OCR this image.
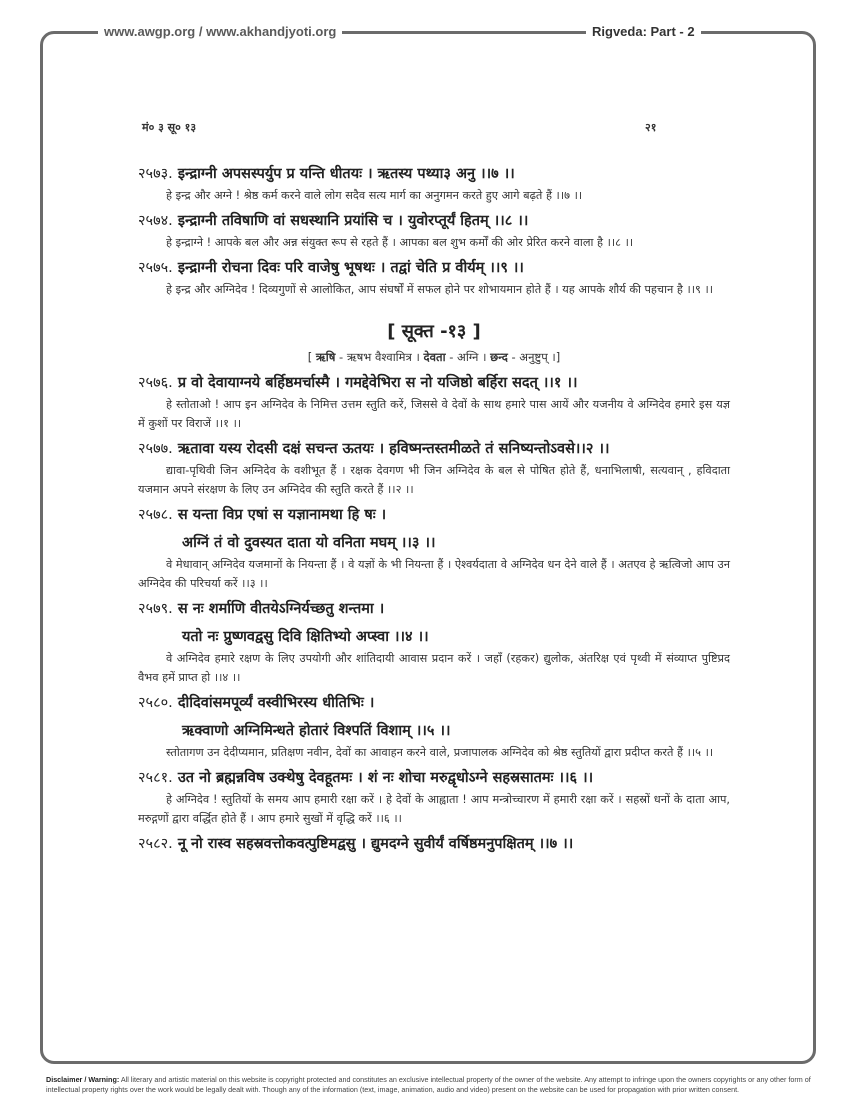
www.awgp.org / www.akhandjyoti.org	Rigveda: Part - 2
मं० ३ सू० १३	२१
२५७३. इन्द्राग्नी अपसस्पर्युप प्र यन्ति धीतयः । ऋतस्य पथ्या३ अनु ।।७ ।।
हे इन्द्र और अग्ने ! श्रेष्ठ कर्म करने वाले लोग सदैव सत्य मार्ग का अनुगमन करते हुए आगे बढ़ते हैं ।।७ ।।
२५७४. इन्द्राग्नी तविषाणि वां सधस्थानि प्रयांसि च । युवोरप्तूर्यं हितम् ।।८ ।।
हे इन्द्राग्ने ! आपके बल और अन्न संयुक्त रूप से रहते हैं । आपका बल शुभ कर्मों की ओर प्रेरित करने वाला है ।।८ ।।
२५७५. इन्द्राग्नी रोचना दिवः परि वाजेषु भूषथः । तद्वां चेति प्र वीर्यम् ।।९ ।।
हे इन्द्र और अग्निदेव ! दिव्यगुणों से आलोकित, आप संघर्षों में सफल होने पर शोभायमान होते हैं । यह आपके शौर्य की पहचान है ।।९ ।।
[ सूक्त -१३ ]
[ ऋषि - ऋषभ वैश्वामित्र । देवता - अग्नि । छन्द - अनुष्टुप् ।]
२५७६. प्र वो देवायाग्नये बर्हिष्ठमर्चास्मै । गमद्देवेभिरा स नो यजिष्ठो बर्हिरा सदत् ।।१ ।।
हे स्तोताओ ! आप इन अग्निदेव के निमित्त उत्तम स्तुति करें, जिससे वे देवों के साथ हमारे पास आयें और यजनीय वे अग्निदेव हमारे इस यज्ञ में कुशों पर विराजें ।।१ ।।
२५७७. ऋतावा यस्य रोदसी दक्षं सचन्त ऊतयः । हविष्मन्तस्तमीळते तं सनिष्यन्तोऽवसे।।२ ।।
द्यावा-पृथिवी जिन अग्निदेव के वशीभूत हैं । रक्षक देवगण भी जिन अग्निदेव के बल से पोषित होते हैं, धनाभिलाषी, सत्यवान् , हविदाता यजमान अपने संरक्षण के लिए उन अग्निदेव की स्तुति करते हैं ।।२ ।।
२५७८. स यन्ता विप्र एषां स यज्ञानामथा हि षः ।
अग्निं तं वो दुवस्यत दाता यो वनिता मघम् ।।३ ।।
वे मेधावान् अग्निदेव यजमानों के नियन्ता हैं । वे यज्ञों के भी नियन्ता हैं । ऐश्वर्यदाता वे अग्निदेव धन देने वाले हैं । अतएव हे ऋत्विजो आप उन अग्निदेव की परिचर्या करें ।।३ ।।
२५७९. स नः शर्माणि वीतयेऽग्निर्यच्छतु शन्तमा ।
यतो नः प्रुष्णवद्वसु दिवि क्षितिभ्यो अप्स्वा ।।४ ।।
वे अग्निदेव हमारे रक्षण के लिए उपयोगी और शांतिदायी आवास प्रदान करें । जहाँ (रहकर) द्युलोक, अंतरिक्ष एवं पृथ्वी में संव्याप्त पुष्टिप्रद वैभव हमें प्राप्त हो ।।४ ।।
२५८०. दीदिवांसमपूर्व्यं वस्वीभिरस्य धीतिभिः ।
ऋक्वाणो अग्निमिन्धते होतारं विश्पतिं विशाम् ।।५ ।।
स्तोतागण उन देदीप्यमान, प्रतिक्षण नवीन, देवों का आवाहन करने वाले, प्रजापालक अग्निदेव को श्रेष्ठ स्तुतियों द्वारा प्रदीप्त करते हैं ।।५ ।।
२५८१. उत नो ब्रह्मन्नविष उक्थेषु देवहूतमः । शं नः शोचा मरुद्वृधोऽग्ने सहस्रसातमः ।।६ ।।
हे अग्निदेव ! स्तुतियों के समय आप हमारी रक्षा करें । हे देवों के आह्वाता ! आप मन्त्रोच्चारण में हमारी रक्षा करें । सहस्रों धनों के दाता आप, मरुद्गणों द्वारा वर्द्धित होते हैं । आप हमारे सुखों में वृद्धि करें ।।६ ।।
२५८२. नू नो रास्व सहस्रवत्तोकवत्पुष्टिमद्वसु । द्युमदग्ने सुवीर्यं वर्षिष्ठमनुपक्षितम् ।।७ ।।
Disclaimer / Warning: All literary and artistic material on this website is copyright protected and constitutes an exclusive intellectual property of the owner of the website. Any attempt to infringe upon the owners copyrights or any other form of intellectual property rights over the work would be legally dealt with. Though any of the information (text, image, animation, audio and video) present on the website can be used for propagation with prior written consent.
